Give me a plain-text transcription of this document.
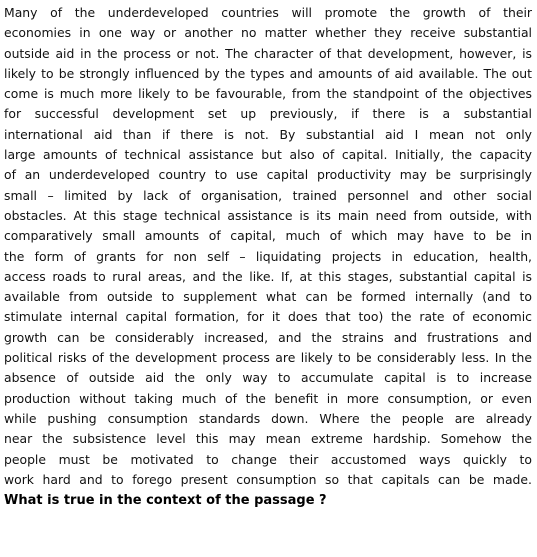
Many of the underdeveloped countries will promote the growth of their
economies in one way or another no matter whether they receive substantial
outside aid in the process or not. The character of that development, however, is
likely to be strongly influenced by the types and amounts of aid available. The out
come is much more likely to be favourable, from the standpoint of the objectives
for successful development set up previously, if there is a substantial
international aid than if there is not. By substantial aid I mean not only
large amounts of technical assistance but also of capital. Initially, the capacity
of an underdeveloped country to use capital productivity may be surprisingly
small – limited by lack of organisation, trained personnel and other social
obstacles. At this stage technical assistance is its main need from outside, with
comparatively small amounts of capital, much of which may have to be in
the form of grants for non self – liquidating projects in education, health,
access roads to rural areas, and the like. If, at this stages, substantial capital is
available from outside to supplement what can be formed internally (and to
stimulate internal capital formation, for it does that too) the rate of economic
growth can be considerably increased, and the strains and frustrations and
political risks of the development process are likely to be considerably less. In the
absence of outside aid the only way to accumulate capital is to increase
production without taking much of the benefit in more consumption, or even
while pushing consumption standards down. Where the people are already
near the subsistence level this may mean extreme hardship. Somehow the
people must be motivated to change their accustomed ways quickly to
work hard and to forego present consumption so that capitals can be made.
What is true in the context of the passage ?
